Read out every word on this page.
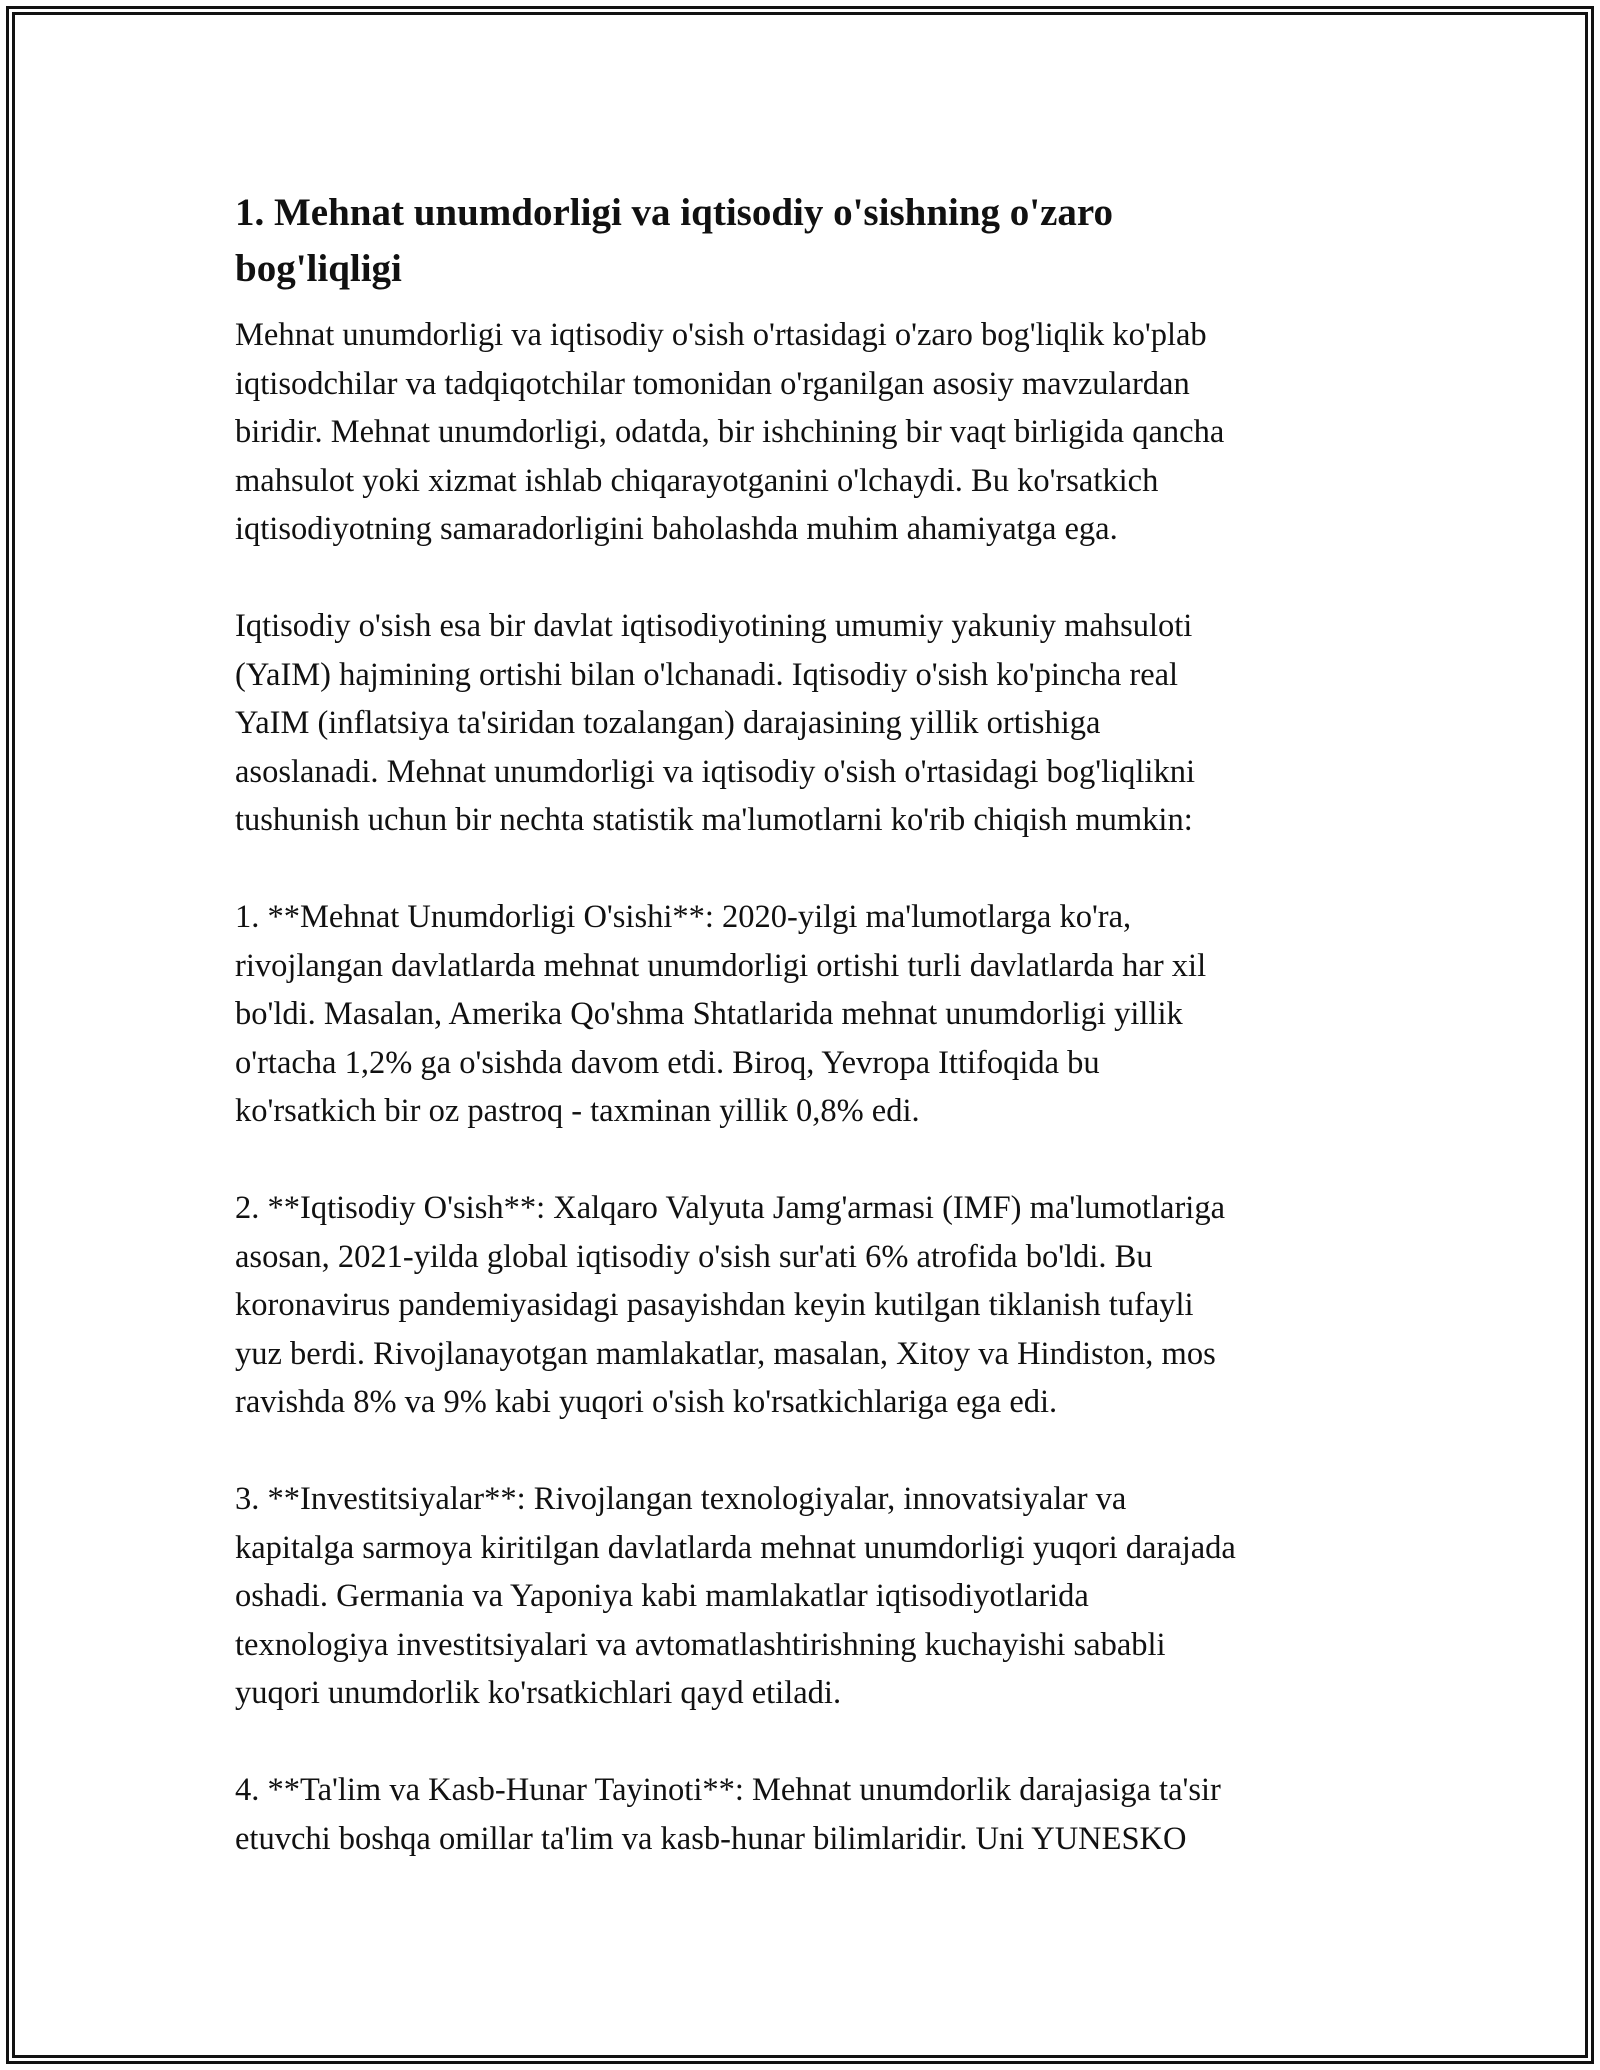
1. Mehnat unumdorligi va iqtisodiy o'sishning o'zaro bog'liqligi

Mehnat unumdorligi va iqtisodiy o'sish o'rtasidagi o'zaro bog'liqlik ko'plab
iqtisodchilar va tadqiqotchilar tomonidan o'rganilgan asosiy mavzulardan
biridir. Mehnat unumdorligi, odatda, bir ishchining bir vaqt birligida qancha
mahsulot yoki xizmat ishlab chiqarayotganini o'lchaydi. Bu ko'rsatkich
iqtisodiyotning samaradorligini baholashda muhim ahamiyatga ega.

Iqtisodiy o'sish esa bir davlat iqtisodiyotining umumiy yakuniy mahsuloti
(YaIM) hajmining ortishi bilan o'lchanadi. Iqtisodiy o'sish ko'pincha real
YaIM (inflatsiya ta'siridan tozalangan) darajasining yillik ortishiga
asoslanadi. Mehnat unumdorligi va iqtisodiy o'sish o'rtasidagi bog'liqlikni
tushunish uchun bir nechta statistik ma'lumotlarni ko'rib chiqish mumkin:

1. **Mehnat Unumdorligi O'sishi**: 2020-yilgi ma'lumotlarga ko'ra,
rivojlangan davlatlarda mehnat unumdorligi ortishi turli davlatlarda har xil
bo'ldi. Masalan, Amerika Qo'shma Shtatlarida mehnat unumdorligi yillik
o'rtacha 1,2% ga o'sishda davom etdi. Biroq, Yevropa Ittifoqida bu
ko'rsatkich bir oz pastroq - taxminan yillik 0,8% edi.

2. **Iqtisodiy O'sish**: Xalqaro Valyuta Jamg'armasi (IMF) ma'lumotlariga
asosan, 2021-yilda global iqtisodiy o'sish sur'ati 6% atrofida bo'ldi. Bu
koronavirus pandemiyasidagi pasayishdan keyin kutilgan tiklanish tufayli
yuz berdi. Rivojlanayotgan mamlakatlar, masalan, Xitoy va Hindiston, mos
ravishda 8% va 9% kabi yuqori o'sish ko'rsatkichlariga ega edi.

3. **Investitsiyalar**: Rivojlangan texnologiyalar, innovatsiyalar va
kapitalga sarmoya kiritilgan davlatlarda mehnat unumdorligi yuqori darajada
oshadi. Germania va Yaponiya kabi mamlakatlar iqtisodiyotlarida
texnologiya investitsiyalari va avtomatlashtirishning kuchayishi sababli
yuqori unumdorlik ko'rsatkichlari qayd etiladi.

4. **Ta'lim va Kasb-Hunar Tayinoti**: Mehnat unumdorlik darajasiga ta'sir
etuvchi boshqa omillar ta'lim va kasb-hunar bilimlaridir. Uni YUNESKO
